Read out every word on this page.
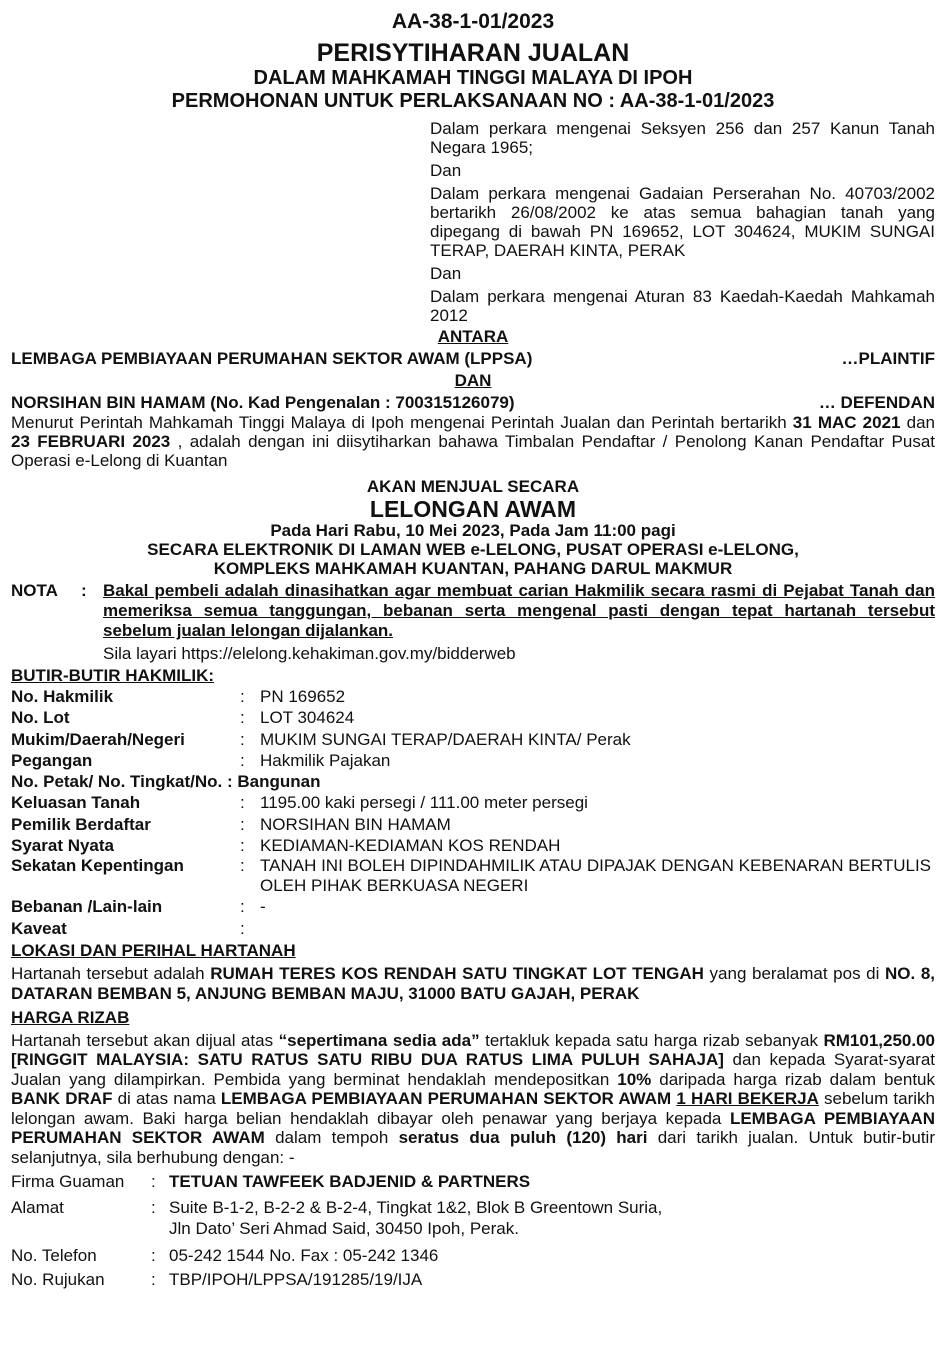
AA-38-1-01/2023
PERISYTIHARAN JUALAN
DALAM MAHKAMAH TINGGI MALAYA DI IPOH
PERMOHONAN UNTUK PERLAKSANAAN NO : AA-38-1-01/2023

Dalam perkara mengenai Seksyen 256 dan 257 Kanun Tanah Negara 1965;

Dan

Dalam perkara mengenai Gadaian Perserahan No. 40703/2002 bertarikh 26/08/2002 ke atas semua bahagian tanah yang dipegang di bawah PN 169652, LOT 304624, MUKIM SUNGAI TERAP, DAERAH KINTA, PERAK

Dan

Dalam perkara mengenai Aturan 83 Kaedah-Kaedah Mahkamah 2012

ANTARA
LEMBAGA PEMBIAYAAN PERUMAHAN SEKTOR AWAM (LPPSA)	…PLAINTIF
DAN
NORSIHAN BIN HAMAM (No. Kad Pengenalan : 700315126079)	… DEFENDAN
Menurut Perintah Mahkamah Tinggi Malaya di Ipoh mengenai Perintah Jualan dan Perintah bertarikh 31 MAC 2021 dan 23 FEBRUARI 2023 , adalah dengan ini diisytiharkan bahawa Timbalan Pendaftar / Penolong Kanan Pendaftar Pusat Operasi e-Lelong di Kuantan
AKAN MENJUAL SECARA
LELONGAN AWAM
Pada Hari Rabu, 10 Mei 2023, Pada Jam 11:00 pagi
SECARA ELEKTRONIK DI LAMAN WEB e-LELONG, PUSAT OPERASI e-LELONG,
KOMPLEKS MAHKAMAH KUANTAN, PAHANG DARUL MAKMUR
NOTA	: Bakal pembeli adalah dinasihatkan agar membuat carian Hakmilik secara rasmi di Pejabat Tanah dan memeriksa semua tanggungan, bebanan serta mengenal pasti dengan tepat hartanah tersebut sebelum jualan lelongan dijalankan.
Sila layari https://elelong.kehakiman.gov.my/bidderweb
BUTIR-BUTIR HAKMILIK:
No. Hakmilik	: PN 169652
No. Lot	: LOT 304624
Mukim/Daerah/Negeri	: MUKIM SUNGAI TERAP/DAERAH KINTA/ Perak
Pegangan	: Hakmilik Pajakan
No. Petak/ No. Tingkat/No. : Bangunan
Keluasan Tanah	: 1195.00 kaki persegi / 111.00 meter persegi
Pemilik Berdaftar	: NORSIHAN BIN HAMAM
Syarat Nyata	: KEDIAMAN-KEDIAMAN KOS RENDAH
Sekatan Kepentingan	: TANAH INI BOLEH DIPINDAHMILIK ATAU DIPAJAK DENGAN KEBENARAN BERTULIS OLEH PIHAK BERKUASA NEGERI
Bebanan /Lain-lain	: -
Kaveat	:
LOKASI DAN PERIHAL HARTANAH
Hartanah tersebut adalah RUMAH TERES KOS RENDAH SATU TINGKAT LOT TENGAH yang beralamat pos di NO. 8, DATARAN BEMBAN 5, ANJUNG BEMBAN MAJU, 31000 BATU GAJAH, PERAK
HARGA RIZAB
Hartanah tersebut akan dijual atas “sepertimana sedia ada” tertakluk kepada satu harga rizab sebanyak RM101,250.00 [RINGGIT MALAYSIA: SATU RATUS SATU RIBU DUA RATUS LIMA PULUH SAHAJA] dan kepada Syarat-syarat Jualan yang dilampirkan. Pembida yang berminat hendaklah mendepositkan 10% daripada harga rizab dalam bentuk BANK DRAF di atas nama LEMBAGA PEMBIAYAAN PERUMAHAN SEKTOR AWAM 1 HARI BEKERJA sebelum tarikh lelongan awam. Baki harga belian hendaklah dibayar oleh penawar yang berjaya kepada LEMBAGA PEMBIAYAAN PERUMAHAN SEKTOR AWAM dalam tempoh seratus dua puluh (120) hari dari tarikh jualan. Untuk butir-butir selanjutnya, sila berhubung dengan: -
Firma Guaman	: TETUAN TAWFEEK BADJENID & PARTNERS
Alamat	: Suite B-1-2, B-2-2 & B-2-4, Tingkat 1&2, Blok B Greentown Suria,
Jln Dato’ Seri Ahmad Said, 30450 Ipoh, Perak.
No. Telefon	: 05-242 1544 No. Fax : 05-242 1346
No. Rujukan	: TBP/IPOH/LPPSA/191285/19/IJA
